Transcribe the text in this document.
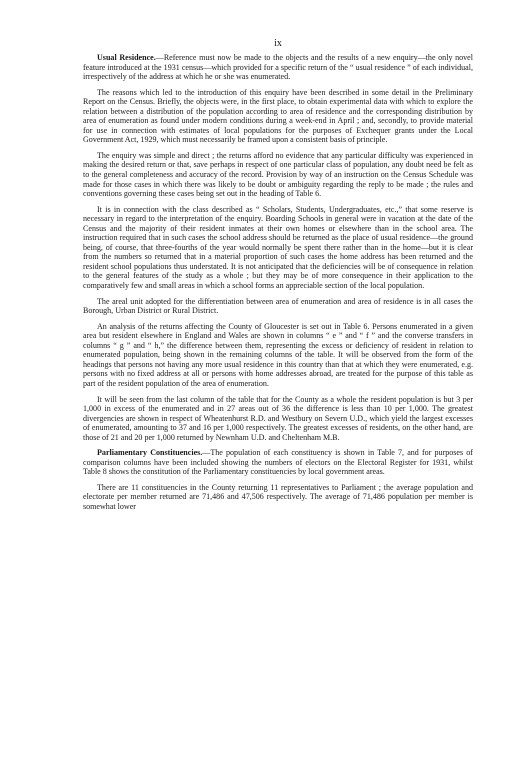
ix

Usual Residence.—Reference must now be made to the objects and the results of a new enquiry—the only novel feature introduced at the 1931 census—which provided for a specific return of the “ usual residence ” of each individual, irrespectively of the address at which he or she was enumerated.

The reasons which led to the introduction of this enquiry have been described in some detail in the Preliminary Report on the Census. Briefly, the objects were, in the first place, to obtain experimental data with which to explore the relation between a distribution of the population according to area of residence and the corresponding distribution by area of enumeration as found under modern conditions during a week-end in April ; and, secondly, to provide material for use in connection with estimates of local populations for the purposes of Exchequer grants under the Local Government Act, 1929, which must necessarily be framed upon a consistent basis of principle.

The enquiry was simple and direct ; the returns afford no evidence that any particular difficulty was experienced in making the desired return or that, save perhaps in respect of one particular class of population, any doubt need be felt as to the general completeness and accuracy of the record. Provision by way of an instruction on the Census Schedule was made for those cases in which there was likely to be doubt or ambiguity regarding the reply to be made ; the rules and conventions governing these cases being set out in the heading of Table 6.

It is in connection with the class described as “ Scholars, Students, Undergraduates, etc.,” that some reserve is necessary in regard to the interpretation of the enquiry. Boarding Schools in general were in vacation at the date of the Census and the majority of their resident inmates at their own homes or elsewhere than in the school area. The instruction required that in such cases the school address should be returned as the place of usual residence—the ground being, of course, that three-fourths of the year would normally be spent there rather than in the home—but it is clear from the numbers so returned that in a material proportion of such cases the home address has been returned and the resident school populations thus understated. It is not anticipated that the deficiencies will be of consequence in relation to the general features of the study as a whole ; but they may be of more consequence in their application to the comparatively few and small areas in which a school forms an appreciable section of the local population.

The areal unit adopted for the differentiation between area of enumeration and area of residence is in all cases the Borough, Urban District or Rural District.

An analysis of the returns affecting the County of Gloucester is set out in Table 6. Persons enumerated in a given area but resident elsewhere in England and Wales are shown in columns “ e ” and “ f ” and the converse transfers in columns “ g ” and “ h,” the difference between them, representing the excess or deficiency of resident in relation to enumerated population, being shown in the remaining columns of the table. It will be observed from the form of the headings that persons not having any more usual residence in this country than that at which they were enumerated, e.g. persons with no fixed address at all or persons with home addresses abroad, are treated for the purpose of this table as part of the resident population of the area of enumeration.

It will be seen from the last column of the table that for the County as a whole the resident population is but 3 per 1,000 in excess of the enumerated and in 27 areas out of 36 the difference is less than 10 per 1,000. The greatest divergencies are shown in respect of Wheatenhurst R.D. and Westbury on Severn U.D., which yield the largest excesses of enumerated, amounting to 37 and 16 per 1,000 respectively. The greatest excesses of residents, on the other hand, are those of 21 and 20 per 1,000 returned by Newnham U.D. and Cheltenham M.B.

Parliamentary Constituencies.—The population of each constituency is shown in Table 7, and for purposes of comparison columns have been included showing the numbers of electors on the Electoral Register for 1931, whilst Table 8 shows the constitution of the Parliamentary constituencies by local government areas.

There are 11 constituencies in the County returning 11 representatives to Parliament ; the average population and electorate per member returned are 71,486 and 47,506 respectively. The average of 71,486 population per member is somewhat lower
